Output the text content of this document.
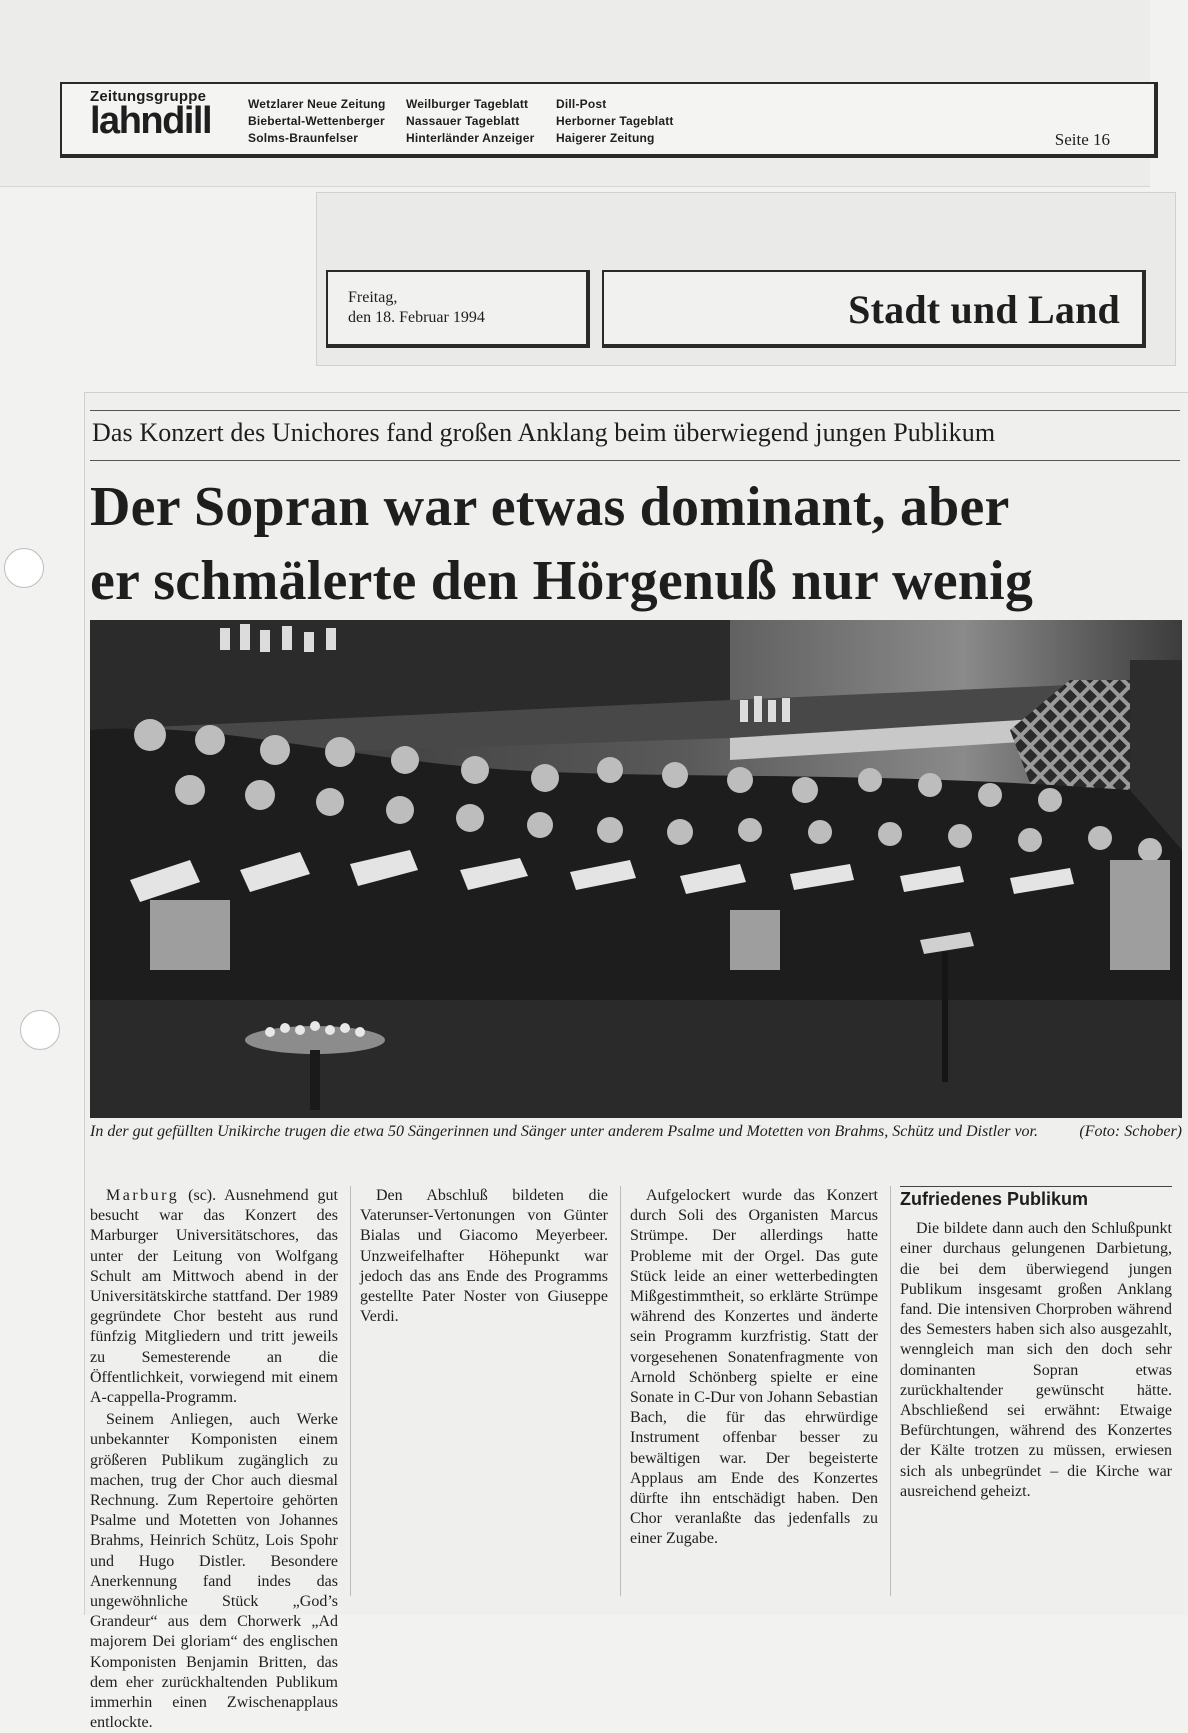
Zeitungsgruppe
lahndill	Wetzlarer Neue Zeitung
Biebertal-Wettenberger
Solms-Braunfelser
Weilburger Tageblatt
Nassauer Tageblatt
Hinterländer Anzeiger
Dill-Post
Herborner Tageblatt
Haigerer Zeitung	Seite 16
Freitag,
den 18. Februar 1994	Stadt und Land
Das Konzert des Unichores fand großen Anklang beim überwiegend jungen Publikum
Der Sopran war etwas dominant, aber
er schmälerte den Hörgenuß nur wenig
In der gut gefüllten Unikirche trugen die etwa 50 Sängerinnen und Sänger unter anderem Psalme und Motetten von Brahms, Schütz und Distler vor.	(Foto: Schober)

Marburg (sc). Ausnehmend gut besucht war das Konzert des Marburger Universitätschores, das unter der Leitung von Wolfgang Schult am Mittwoch abend in der Universitätskirche stattfand. Der 1989 gegründete Chor besteht aus rund fünfzig Mitgliedern und tritt jeweils zu Semesterende an die Öffentlichkeit, vorwiegend mit einem A-cappella-Programm.

Seinem Anliegen, auch Werke unbekannter Komponisten einem größeren Publikum zugänglich zu machen, trug der Chor auch diesmal Rechnung. Zum Repertoire gehörten Psalme und Motetten von Johannes Brahms, Heinrich Schütz, Lois Spohr und Hugo Distler. Besondere Anerkennung fand indes das ungewöhnliche Stück „God’s Grandeur“ aus dem Chorwerk „Ad majorem Dei gloriam“ des englischen Komponisten Benjamin Britten, das dem eher zurückhaltenden Publikum immerhin einen Zwischenapplaus entlockte.

Den Abschluß bildeten die Vaterunser-Vertonungen von Günter Bialas und Giacomo Meyerbeer. Unzweifelhafter Höhepunkt war jedoch das ans Ende des Programms gestellte Pater Noster von Giuseppe Verdi.

Aufgelockert wurde das Konzert durch Soli des Organisten Marcus Strümpe. Der allerdings hatte Probleme mit der Orgel. Das gute Stück leide an einer wetterbedingten Mißgestimmtheit, so erklärte Strümpe während des Konzertes und änderte sein Programm kurzfristig. Statt der vorgesehenen Sonatenfragmente von Arnold Schönberg spielte er eine Sonate in C-Dur von Johann Sebastian Bach, die für das ehrwürdige Instrument offenbar besser zu bewältigen war. Der begeisterte Applaus am Ende des Konzertes dürfte ihn entschädigt haben. Den Chor veranlaßte das jedenfalls zu einer Zugabe.

Zufriedenes Publikum

Die bildete dann auch den Schlußpunkt einer durchaus gelungenen Darbietung, die bei dem überwiegend jungen Publikum insgesamt großen Anklang fand. Die intensiven Chorproben während des Semesters haben sich also ausgezahlt, wenngleich man sich den doch sehr dominanten Sopran etwas zurückhaltender gewünscht hätte. Abschließend sei erwähnt: Etwaige Befürchtungen, während des Konzertes der Kälte trotzen zu müssen, erwiesen sich als unbegründet – die Kirche war ausreichend geheizt.
